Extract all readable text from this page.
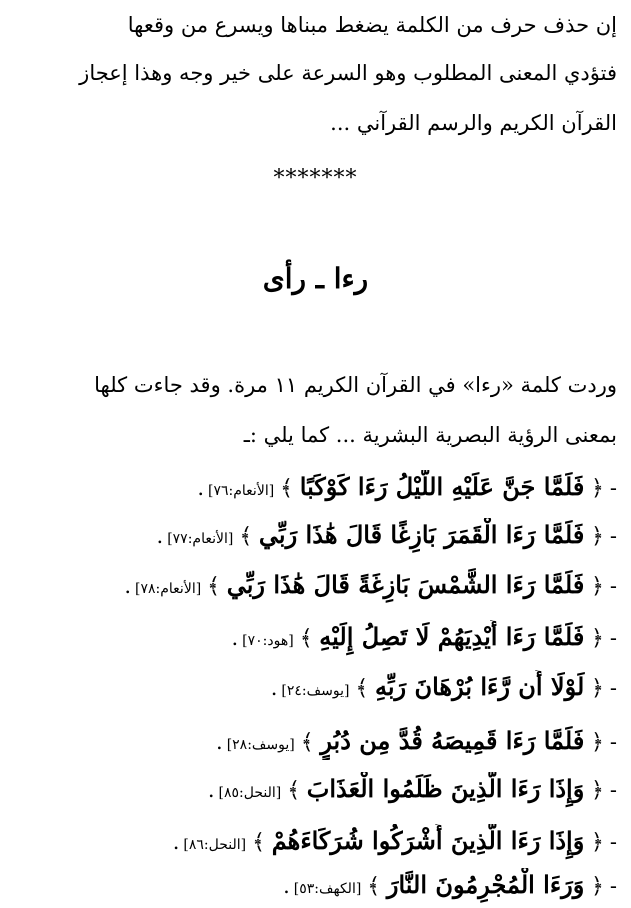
إن حذف حرف من الكلمة يضغط مبناها ويسرع من وقعها
فتؤدي المعنى المطلوب وهو السرعة على خير وجه وهذا إعجاز
القرآن الكريم والرسم القرآني ...
*******
رءا ـ رأى
وردت كلمة «رءا» في القرآن الكريم ١١ مرة. وقد جاءت كلها
بمعنى الرؤية البصرية البشرية ... كما يلي :ـ
-﴿ فَلَمَّا جَنَّ عَلَيْهِ اللَّيْلُ رَءَا كَوْكَبًا ﴾[الأنعام:٧٦].
-﴿ فَلَمَّا رَءَا الْقَمَرَ بَازِغًا قَالَ هَٰذَا رَبِّي ﴾[الأنعام:٧٧].
-﴿ فَلَمَّا رَءَا الشَّمْسَ بَازِغَةً قَالَ هَٰذَا رَبِّي ﴾[الأنعام:٧٨].
-﴿ فَلَمَّا رَءَا أَيْدِيَهُمْ لَا تَصِلُ إِلَيْهِ ﴾[هود:٧٠].
-﴿ لَوْلَا أَن رَّءَا بُرْهَانَ رَبِّهِ ﴾[يوسف:٢٤].
-﴿ فَلَمَّا رَءَا قَمِيصَهُ قُدَّ مِن دُبُرٍ ﴾[يوسف:٢٨].
-﴿ وَإِذَا رَءَا الَّذِينَ ظَلَمُوا الْعَذَابَ ﴾[النحل:٨٥].
-﴿ وَإِذَا رَءَا الَّذِينَ أَشْرَكُوا شُرَكَاءَهُمْ ﴾[النحل:٨٦].
-﴿ وَرَءَا الْمُجْرِمُونَ النَّارَ ﴾[الكهف:٥٣].
